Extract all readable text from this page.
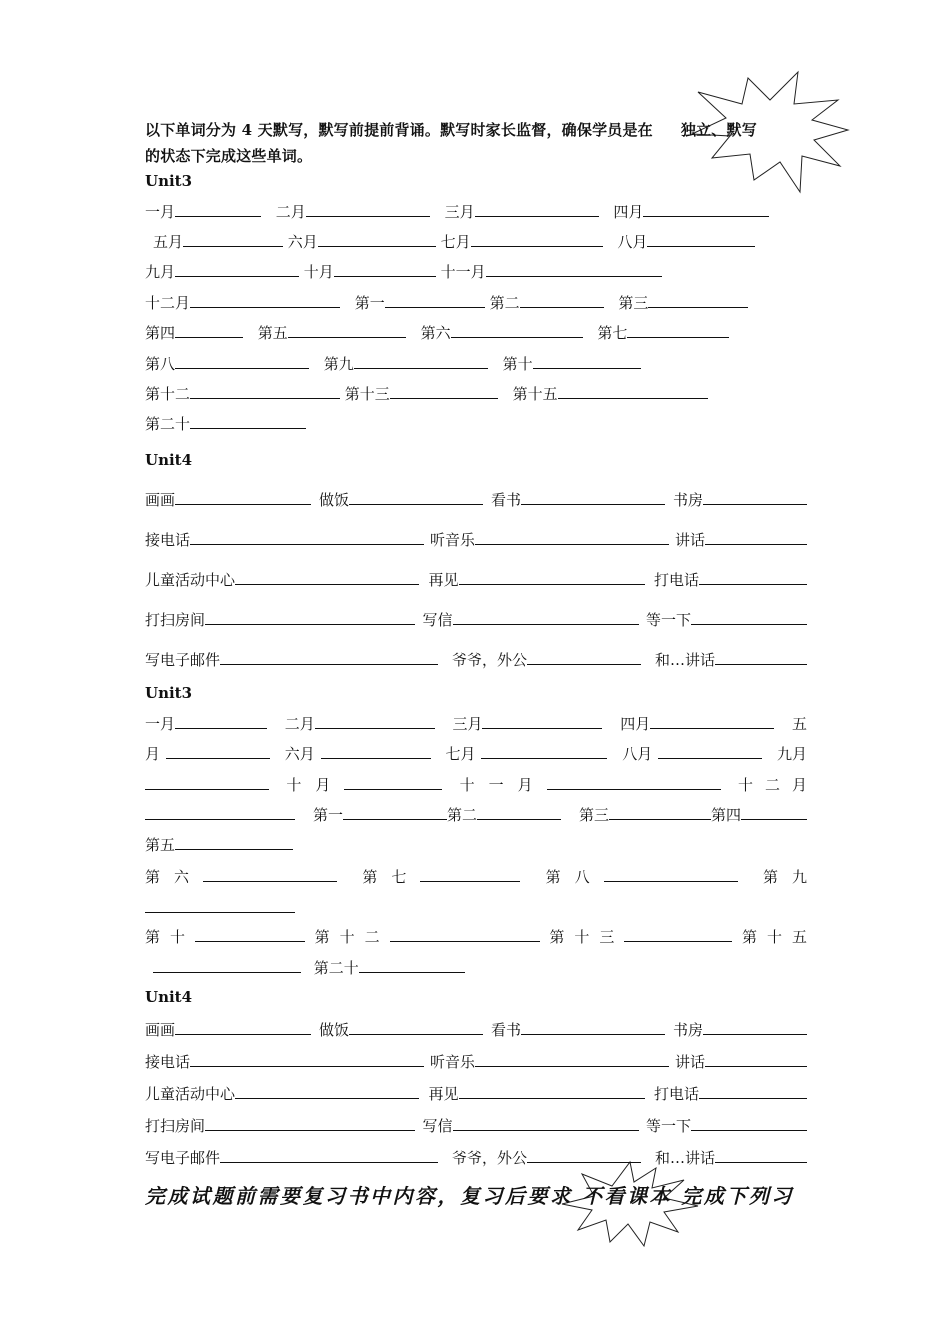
以下单词分为 4 天默写，默写前提前背诵。默写时家长监督，确保学员是在 独立、默写
的状态下完成这些单词。
Unit3
一月	二月	三月	四月
五月	六月	七月	八月
九月	十月	十一月
十二月	第一	第二	第三
第四	第五	第六	第七
第八	第九	第十
第十二	第十三	第十五
第二十
Unit4
画画	做饭	看书	书房
接电话	听音乐	讲话
儿童活动中心	再见	打电话
打扫房间	写信	等一下
写电子邮件	爷爷，外公	和…讲话
Unit3
一月	二月	三月	四月	五
月	六月	七月	八月	九月
十月	十一月	十二月
第一	第二	第三	第四
第五
第六	第七	第八	第九
第十	第十二	第十三	第十五
第二十
Unit4
画画	做饭	看书	书房
接电话	听音乐	讲话
儿童活动中心	再见	打电话
打扫房间	写信	等一下
写电子邮件	爷爷，外公	和…讲话
完成试题前需要复习书中内容，复习后要求 不看课本 完成下列习
